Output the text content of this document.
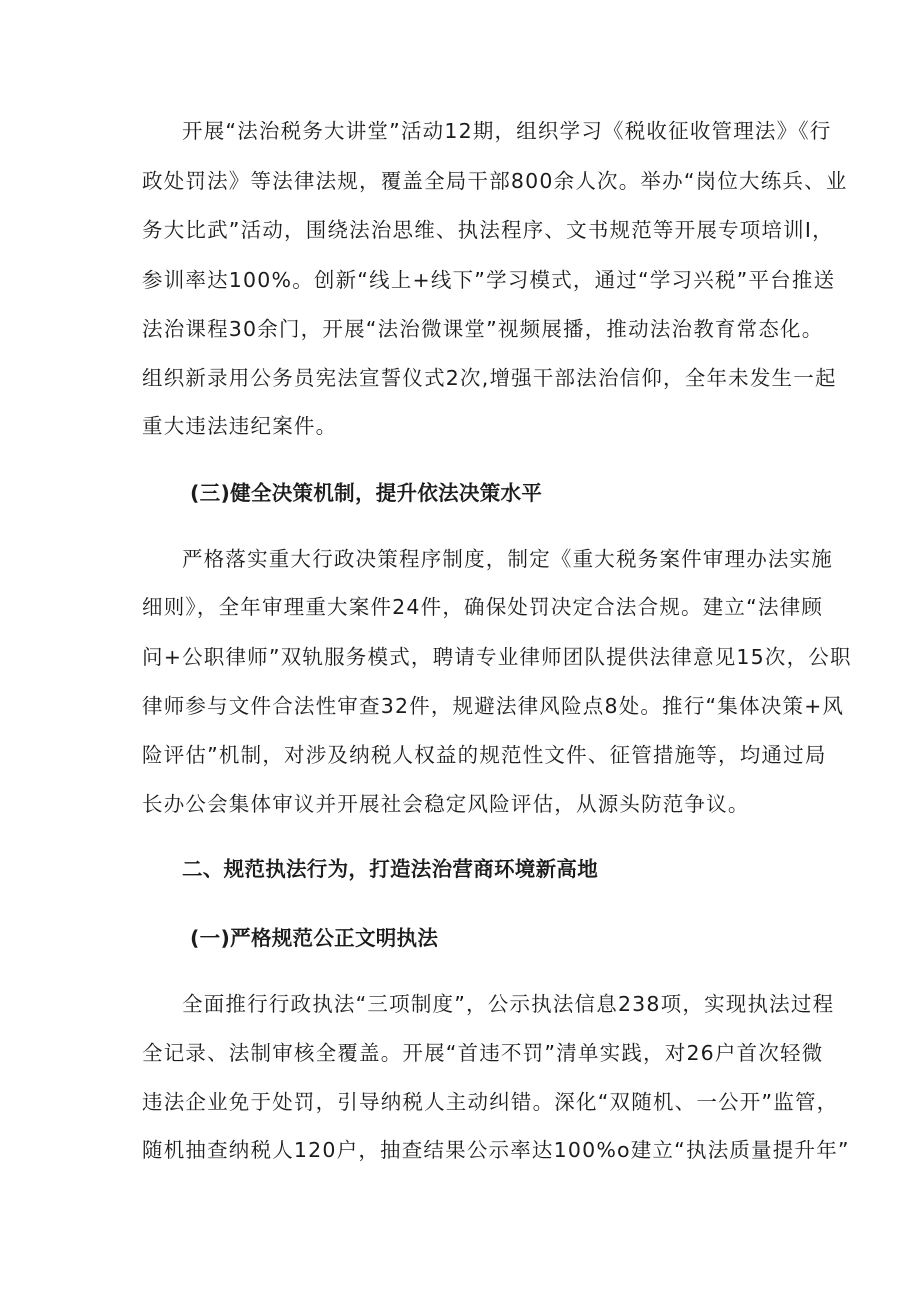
开展“法治税务大讲堂”活动12期，组织学习《税收征收管理法》《行
政处罚法》等法律法规，覆盖全局干部800余人次。举办“岗位大练兵、业
务大比武”活动，围绕法治思维、执法程序、文书规范等开展专项培训I，
参训率达100%。创新“线上+线下”学习模式，通过“学习兴税”平台推送
法治课程30余门，开展“法治微课堂”视频展播，推动法治教育常态化。
组织新录用公务员宪法宣誓仪式2次,增强干部法治信仰，全年未发生一起
重大违法违纪案件。
(三)健全决策机制，提升依法决策水平
严格落实重大行政决策程序制度，制定《重大税务案件审理办法实施
细则》，全年审理重大案件24件，确保处罚决定合法合规。建立“法律顾
问+公职律师”双轨服务模式，聘请专业律师团队提供法律意见15次，公职
律师参与文件合法性审查32件，规避法律风险点8处。推行“集体决策+风
险评估”机制，对涉及纳税人权益的规范性文件、征管措施等，均通过局
长办公会集体审议并开展社会稳定风险评估，从源头防范争议。
二、规范执法行为，打造法治营商环境新高地
(一)严格规范公正文明执法
全面推行行政执法“三项制度”，公示执法信息238项，实现执法过程
全记录、法制审核全覆盖。开展“首违不罚”清单实践，对26户首次轻微
违法企业免于处罚，引导纳税人主动纠错。深化“双随机、一公开”监管，
随机抽查纳税人120户，抽查结果公示率达100%o建立“执法质量提升年”
